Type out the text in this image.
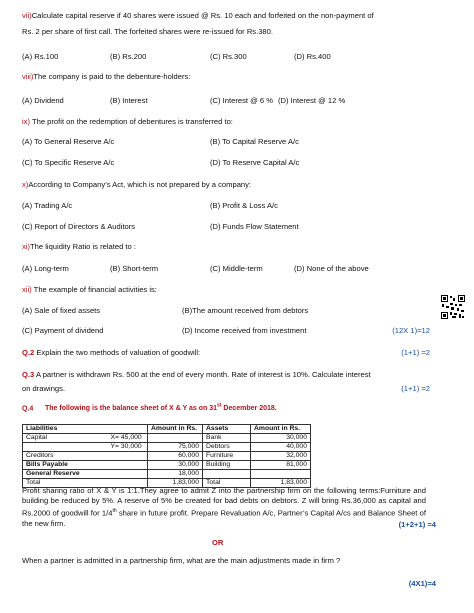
vii)Calculate capital reserve if 40 shares were issued @ Rs. 10 each and forfeited on the non-payment of
Rs. 2 per share of first call. The forfeited shares were re-issued for Rs.380.
(A) Rs.100	(B) Rs.200	(C) Rs.300	(D) Rs.400
viii)The company is paid to the debenture-holders:
(A) Dividend	(B) Interest	(C) Interest @ 6 % (D) Interest @ 12 %
ix) The profit on the redemption of debentures is transferred to:
(A) To General Reserve A/c	(B) To Capital Reserve A/c
(C) To Specific Reserve A/c	(D) To Reserve Capital A/c
x)According to Company’s Act, which is not prepared by a company:
(A) Trading A/c	(B) Profit & Loss A/c
(C) Report of Directors & Auditors	(D) Funds Flow Statement
xi)The liquidity Ratio is related to :
(A) Long-term	(B) Short-term	(C) Middle-term	(D) None of the above
xii) The example of financial activities is:
(A) Sale of fixed assets	(B)The amount received from debtors
(C) Payment of dividend	(D) Income received from investment	(12X 1)=12
Q.2 Explain the two methods of valuation of goodwill:	(1+1) =2
Q.3 A partner is withdrawn Rs. 500 at the end of every month. Rate of interest is 10%. Calculate interest
on drawings.	(1+1) =2
Q.4 The following is the balance sheet of X & Y as on 31st December 2018.
Liabilities		Amount in Rs.	Assets	Amount in Rs.
Capital	X= 45,000		Bank	30,000
	Y= 30,000	75,000	Debtors	40,000
Creditors		60,000	Furniture	32,000
Bills Payable		30,000	Building	81,000
General Reserve		18,000		
Total		1,83,000	Total	1,83,000
Profit sharing ratio of X & Y is 1:1.They agree to admit Z into the partnership firm on the following terms:Furniture and building be reduced by 5%. A reserve of 5% be created for bad debts on debtors. Z will bring Rs.36,000 as capital and Rs.2000 of goodwill for 1/4th share in future profit. Prepare Revaluation A/c, Partner’s Capital A/cs and Balance Sheet of the new firm.	(1+2+1) =4
OR
When a partner is admitted in a partnership firm, what are the main adjustments made in firm ?
(4X1)=4
